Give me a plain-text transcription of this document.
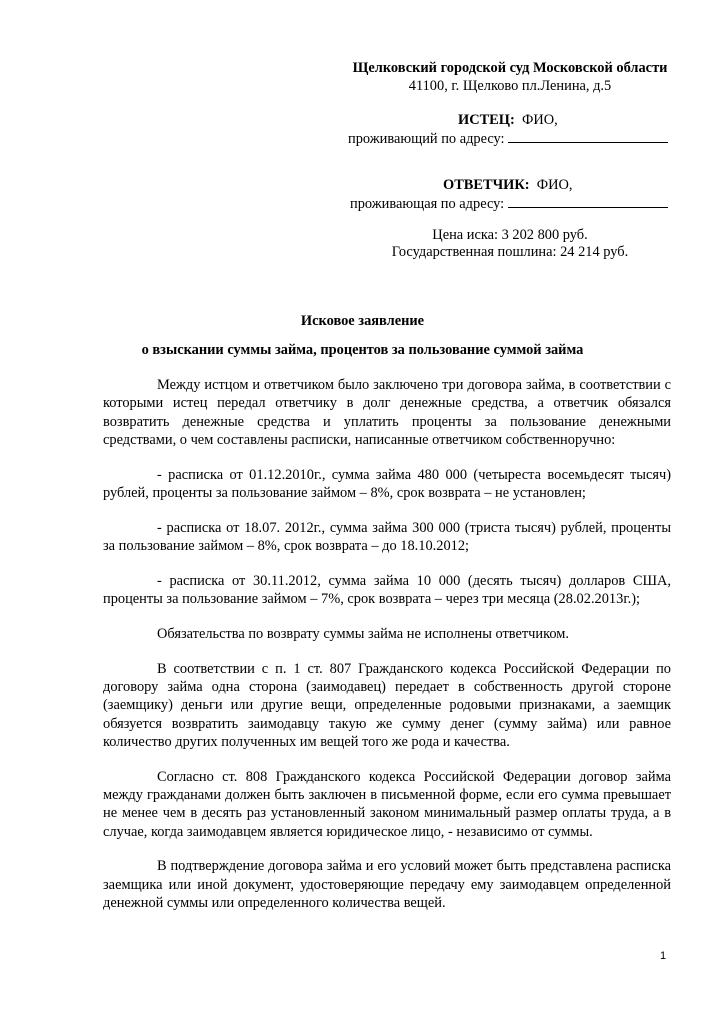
Щелковский городской суд Московской области
41100, г. Щелково пл.Ленина, д.5
ИСТЕЦ: ФИО,
проживающий по адресу:
ОТВЕТЧИК: ФИО,
проживающая по адресу:
Цена иска: 3 202 800 руб.
Государственная пошлина: 24 214 руб.
Исковое заявление
о взыскании суммы займа, процентов за пользование суммой займа

Между истцом и ответчиком было заключено три договора займа, в соответствии с которыми истец передал ответчику в долг денежные средства, а ответчик обязался возвратить денежные средства и уплатить проценты за пользование денежными средствами, о чем составлены расписки, написанные ответчиком собственноручно:

- расписка от 01.12.2010г., сумма займа 480 000 (четыреста восемьдесят тысяч) рублей, проценты за пользование займом – 8%, срок возврата – не установлен;

- расписка от 18.07. 2012г., сумма займа 300 000 (триста тысяч) рублей, проценты за пользование займом – 8%, срок возврата – до 18.10.2012;

- расписка от 30.11.2012, сумма займа 10 000 (десять тысяч) долларов США, проценты за пользование займом – 7%, срок возврата – через три месяца (28.02.2013г.);

Обязательства по возврату суммы займа не исполнены ответчиком.

В соответствии с п. 1 ст. 807 Гражданского кодекса Российской Федерации по договору займа одна сторона (заимодавец) передает в собственность другой стороне (заемщику) деньги или другие вещи, определенные родовыми признаками, а заемщик обязуется возвратить заимодавцу такую же сумму денег (сумму займа) или равное количество других полученных им вещей того же рода и качества.

Согласно ст. 808 Гражданского кодекса Российской Федерации договор займа между гражданами должен быть заключен в письменной форме, если его сумма превышает не менее чем в десять раз установленный законом минимальный размер оплаты труда, а в случае, когда заимодавцем является юридическое лицо, - независимо от суммы.

В подтверждение договора займа и его условий может быть представлена расписка заемщика или иной документ, удостоверяющие передачу ему заимодавцем определенной денежной суммы или определенного количества вещей.

1
